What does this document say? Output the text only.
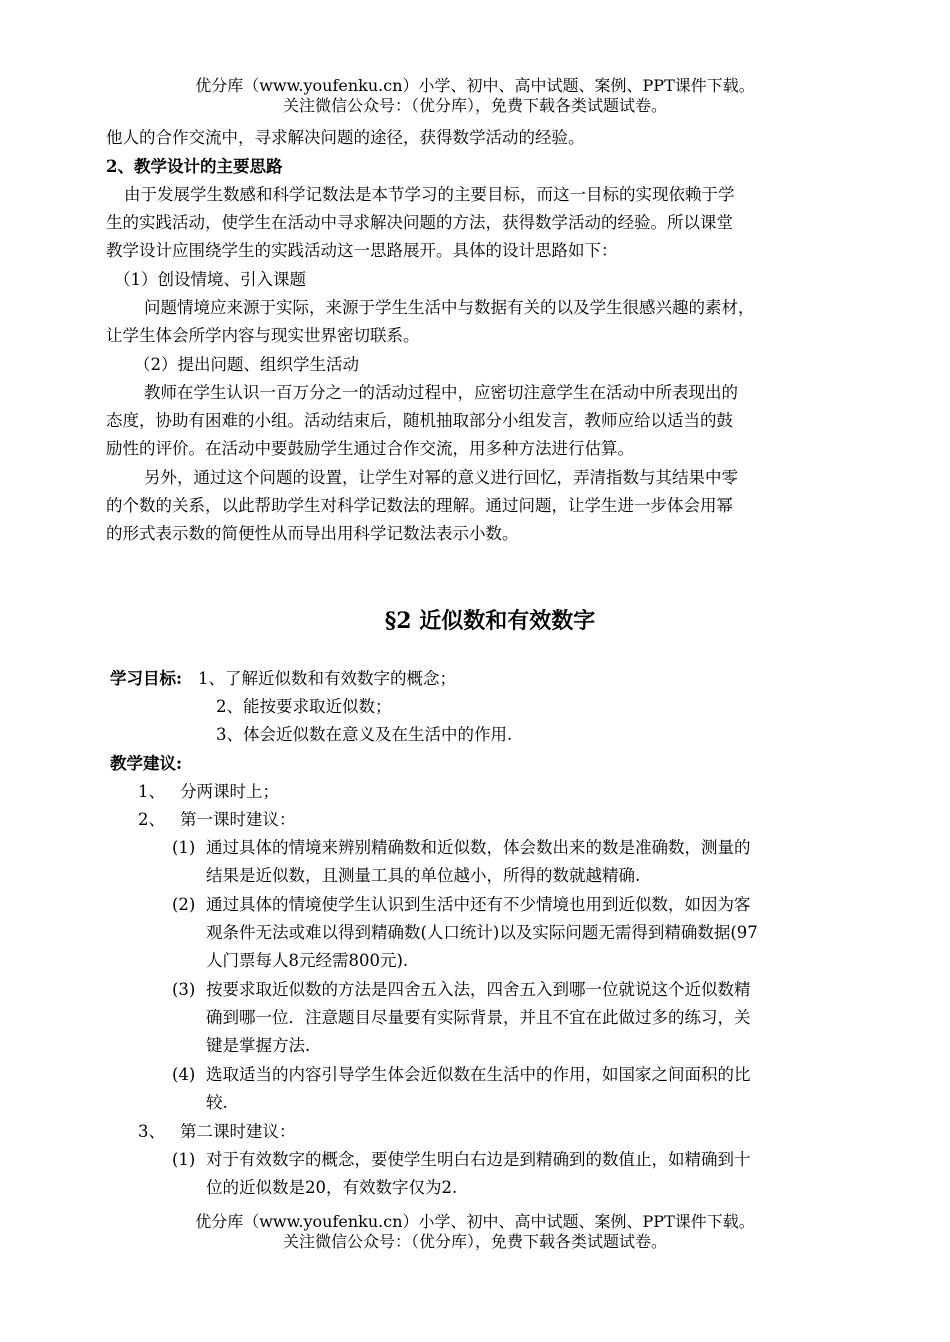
优分库（www.youfenku.cn）小学、初中、高中试题、案例、PPT课件下载。
关注微信公众号：（优分库），免费下载各类试题试卷。
他人的合作交流中，寻求解决问题的途径，获得数学活动的经验。
2、教学设计的主要思路
由于发展学生数感和科学记数法是本节学习的主要目标，而这一目标的实现依赖于学
生的实践活动，使学生在活动中寻求解决问题的方法，获得数学活动的经验。所以课堂
教学设计应围绕学生的实践活动这一思路展开。具体的设计思路如下：
（1）创设情境、引入课题
问题情境应来源于实际，来源于学生生活中与数据有关的以及学生很感兴趣的素材，
让学生体会所学内容与现实世界密切联系。
（2）提出问题、组织学生活动
教师在学生认识一百万分之一的活动过程中，应密切注意学生在活动中所表现出的
态度，协助有困难的小组。活动结束后，随机抽取部分小组发言，教师应给以适当的鼓
励性的评价。在活动中要鼓励学生通过合作交流，用多种方法进行估算。
另外，通过这个问题的设置，让学生对幂的意义进行回忆，弄清指数与其结果中零
的个数的关系，以此帮助学生对科学记数法的理解。通过问题，让学生进一步体会用幂
的形式表示数的简便性从而导出用科学记数法表示小数。
§2 近似数和有效数字
学习目标: 1、了解近似数和有效数字的概念；
2、能按要求取近似数；
3、体会近似数在意义及在生活中的作用.
教学建议:
1、 分两课时上；
2、 第一课时建议：
(1) 通过具体的情境来辨别精确数和近似数，体会数出来的数是准确数，测量的
结果是近似数，且测量工具的单位越小，所得的数就越精确.
(2) 通过具体的情境使学生认识到生活中还有不少情境也用到近似数，如因为客
观条件无法或难以得到精确数(人口统计)以及实际问题无需得到精确数据(97
人门票每人8元经需800元).
(3) 按要求取近似数的方法是四舍五入法，四舍五入到哪一位就说这个近似数精
确到哪一位．注意题目尽量要有实际背景，并且不宜在此做过多的练习，关
键是掌握方法.
(4) 选取适当的内容引导学生体会近似数在生活中的作用，如国家之间面积的比
较.
3、 第二课时建议：
(1) 对于有效数字的概念，要使学生明白右边是到精确到的数值止，如精确到十
位的近似数是20，有效数字仅为2.
优分库（www.youfenku.cn）小学、初中、高中试题、案例、PPT课件下载。
关注微信公众号：（优分库），免费下载各类试题试卷。
